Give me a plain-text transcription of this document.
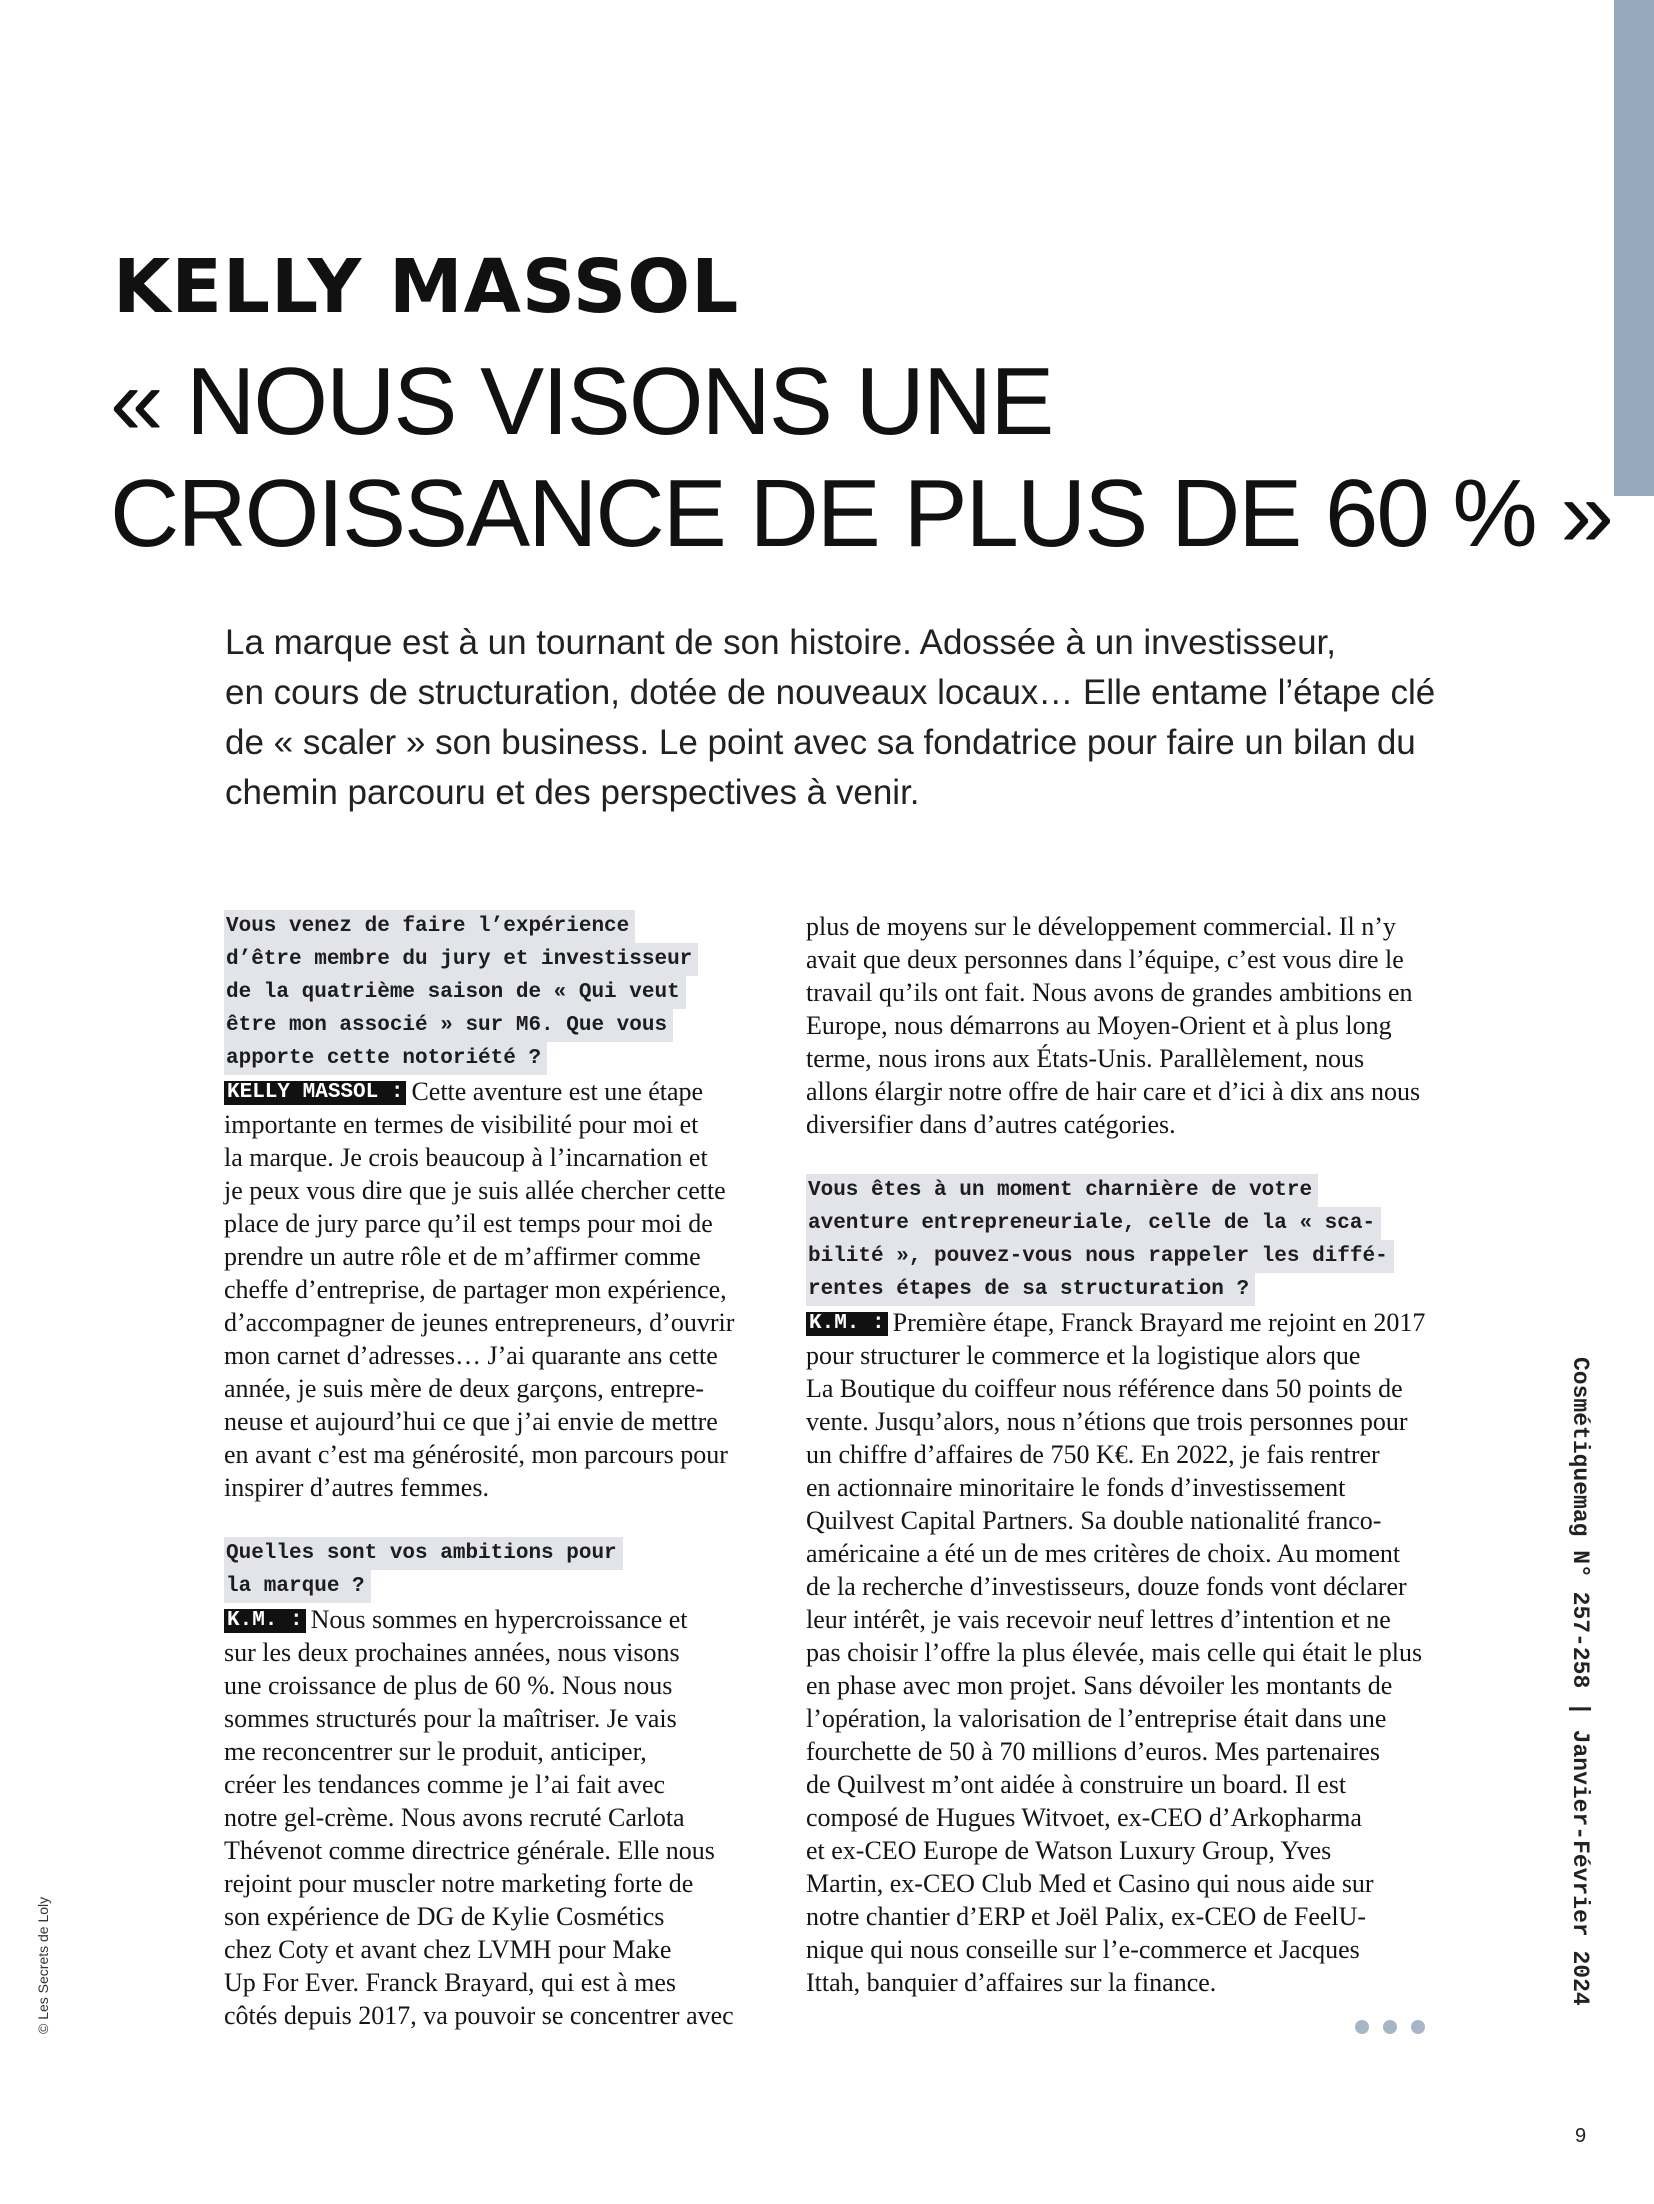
KELLY MASSOL
« NOUS VISONS UNE
CROISSANCE DE PLUS DE 60 % »
La marque est à un tournant de son histoire. Adossée à un investisseur,
en cours de structuration, dotée de nouveaux locaux… Elle entame l’étape clé
de « scaler » son business. Le point avec sa fondatrice pour faire un bilan du
chemin parcouru et des perspectives à venir.
Vous venez de faire l’expérience
d’être membre du jury et investisseur
de la quatrième saison de « Qui veut
être mon associé » sur M6. Que vous
apporte cette notoriété ?
KELLY MASSOL : Cette aventure est une étape
importante en termes de visibilité pour moi et
la marque. Je crois beaucoup à l’incarnation et
je peux vous dire que je suis allée chercher cette
place de jury parce qu’il est temps pour moi de
prendre un autre rôle et de m’affirmer comme
cheffe d’entreprise, de partager mon expérience,
d’accompagner de jeunes entrepreneurs, d’ouvrir
mon carnet d’adresses… J’ai quarante ans cette
année, je suis mère de deux garçons, entrepre-
neuse et aujourd’hui ce que j’ai envie de mettre
en avant c’est ma générosité, mon parcours pour
inspirer d’autres femmes.
Quelles sont vos ambitions pour
la marque ?
K.M. : Nous sommes en hypercroissance et
sur les deux prochaines années, nous visons
une croissance de plus de 60 %. Nous nous
sommes structurés pour la maîtriser. Je vais
me reconcentrer sur le produit, anticiper,
créer les tendances comme je l’ai fait avec
notre gel-crème. Nous avons recruté Carlota
Thévenot comme directrice générale. Elle nous
rejoint pour muscler notre marketing forte de
son expérience de DG de Kylie Cosmétics
chez Coty et avant chez LVMH pour Make
Up For Ever. Franck Brayard, qui est à mes
côtés depuis 2017, va pouvoir se concentrer avec
plus de moyens sur le développement commercial. Il n’y
avait que deux personnes dans l’équipe, c’est vous dire le
travail qu’ils ont fait. Nous avons de grandes ambitions en
Europe, nous démarrons au Moyen-Orient et à plus long
terme, nous irons aux États-Unis. Parallèlement, nous
allons élargir notre offre de hair care et d’ici à dix ans nous
diversifier dans d’autres catégories.
Vous êtes à un moment charnière de votre
aventure entrepreneuriale, celle de la « sca-
bilité », pouvez-vous nous rappeler les diffé-
rentes étapes de sa structuration ?
K.M. : Première étape, Franck Brayard me rejoint en 2017
pour structurer le commerce et la logistique alors que
La Boutique du coiffeur nous référence dans 50 points de
vente. Jusqu’alors, nous n’étions que trois personnes pour
un chiffre d’affaires de 750 K€. En 2022, je fais rentrer
en actionnaire minoritaire le fonds d’investissement
Quilvest Capital Partners. Sa double nationalité franco-
américaine a été un de mes critères de choix. Au moment
de la recherche d’investisseurs, douze fonds vont déclarer
leur intérêt, je vais recevoir neuf lettres d’intention et ne
pas choisir l’offre la plus élevée, mais celle qui était le plus
en phase avec mon projet. Sans dévoiler les montants de
l’opération, la valorisation de l’entreprise était dans une
fourchette de 50 à 70 millions d’euros. Mes partenaires
de Quilvest m’ont aidée à construire un board. Il est
composé de Hugues Witvoet, ex-CEO d’Arkopharma
et ex-CEO Europe de Watson Luxury Group, Yves
Martin, ex-CEO Club Med et Casino qui nous aide sur
notre chantier d’ERP et Joël Palix, ex-CEO de FeelU-
nique qui nous conseille sur l’e-commerce et Jacques
Ittah, banquier d’affaires sur la finance.	Cosmétiquemag N° 257-258 | Janvier-Février 2024
© Les Secrets de Loly
9
